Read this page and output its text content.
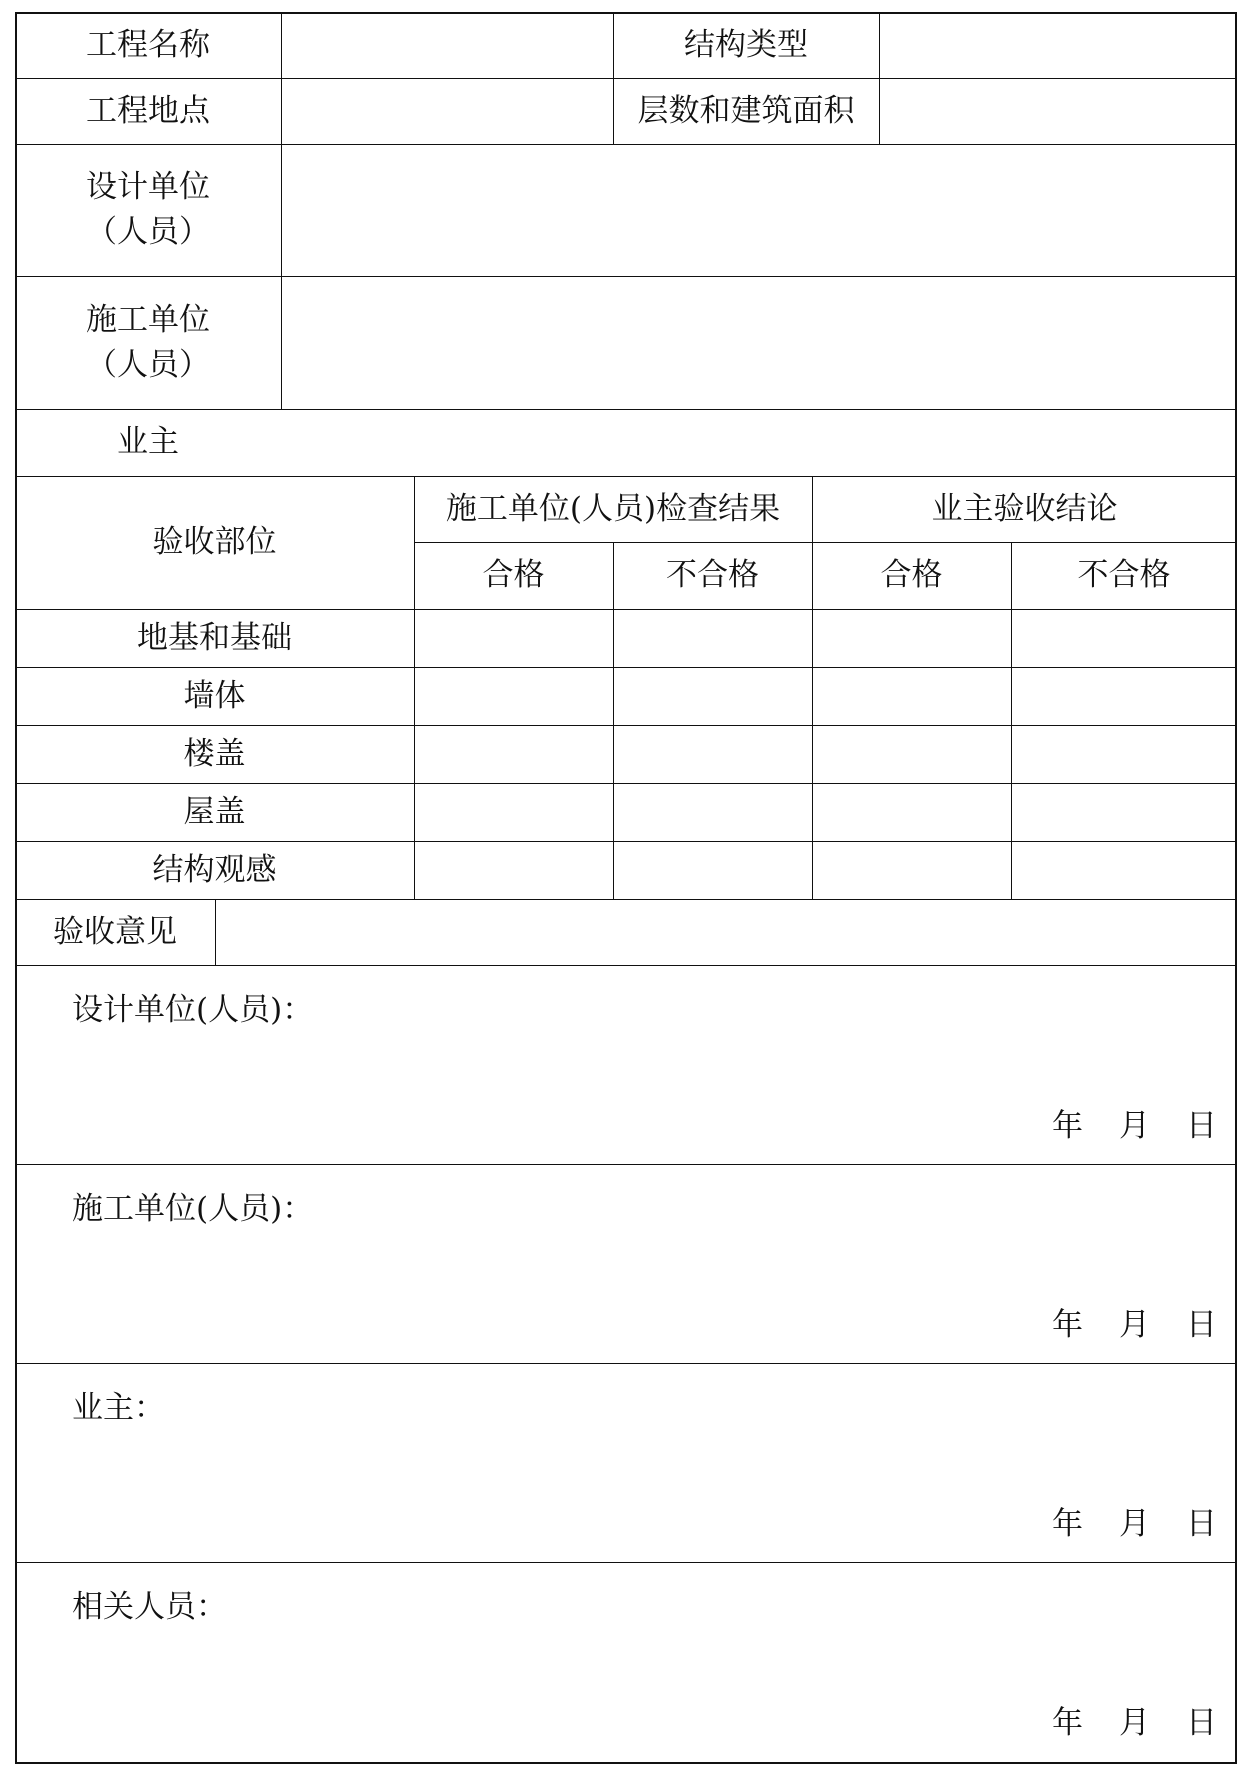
工程名称	结构类型
工程地点	层数和建筑面积
设计单位
（人员）
施工单位
（人员）
业主
验收部位
施工单位(人员)检查结果	业主验收结论
合格	不合格	合格	不合格
地基和基础
墙体
楼盖
屋盖
结构观感
验收意见
设计单位(人员)：
年 月 日
施工单位(人员)：
年 月 日
业主：
年 月 日
相关人员：
年 月 日
